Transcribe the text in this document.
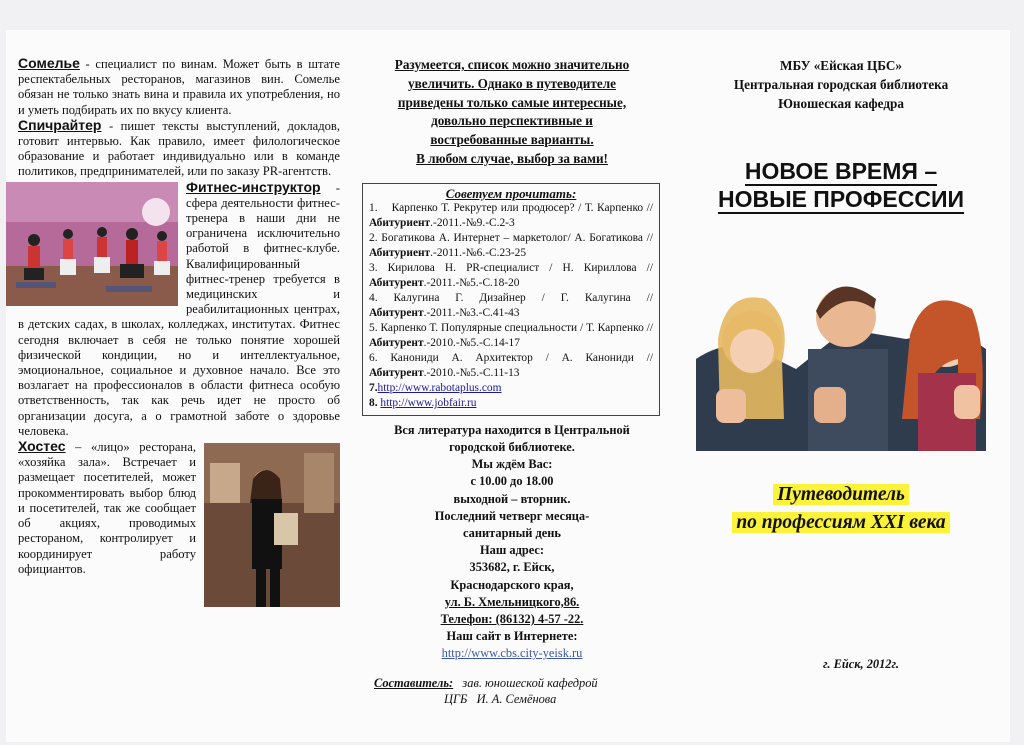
Сомелье - специалист по винам. Может быть в штате респектабельных ресторанов, магазинов вин. Сомелье обязан не только знать вина и правила их употребления, но и уметь подбирать их по вкусу клиента.

Спичрайтер - пишет тексты выступлений, докладов, готовит интервью. Как правило, имеет филологическое образование и работает индивидуально или в команде политиков, предпринимателей, или по заказу PR-агентств.

Фитнес-инструктор - сфера деятельности фитнес-тренера в наши дни не ограничена исключительно работой в фитнес-клубе. Квалифицированный фитнес-тренер требуется в медицинских и реабилитационных центрах, в детских садах, в школах, колледжах, институтах. Фитнес сегодня включает в себя не только понятие хорошей физической кондиции, но и интеллектуальное, эмоциональное, социальное и духовное начало. Все это возлагает на профессионалов в области фитнеса особую ответственность, так как речь идет не просто об организации досуга, а о грамотной заботе о здоровье человека.

Хостес – «лицо» ресторана, «хозяйка зала». Встречает и размещает посетителей, может прокомментировать выбор блюд и посетителей, так же сообщает об акциях, проводимых рестораном, контролирует и координирует работу официантов.

Разумеется, список можно значительно

увеличить. Однако в путеводителе

приведены только самые интересные,

довольно перспективные и

востребованные варианты.

В любом случае, выбор за вами!

Советуем прочитать:

1.    Карпенко Т. Рекрутер или продюсер? / Т. Карпенко // Абитуриент.-2011.-№9.-С.2-3

2. Богатикова А. Интернет – маркетолог/ А. Богатикова // Абитуриент.-2011.-№6.-С.23-25

3. Кирилова Н. PR-специалист / Н. Кириллова //Абитурент.-2011.-№5.-С.18-20

4. Калугина Г. Дизайнер / Г. Калугина // Абитурент.-2011.-№3.-С.41-43

5. Карпенко Т. Популярные специальности / Т. Карпенко // Абитурент.-2010.-№5.-С.14-17

6. Канониди А. Архитектор / А. Канониди // Абитурент.-2010.-№5.-С.11-13

7.http://www.rabotaplus.com

8. http://www.jobfair.ru

Вся литература находится в Центральной
городской библиотеке.
Мы ждём Вас:
с 10.00 до 18.00
выходной – вторник.
Последний четверг месяца-
санитарный день
Наш адрес:
353682, г. Ейск,
Краснодарского края,
ул. Б. Хмельницкого,86.
Телефон: (86132) 4-57 -22.
Наш сайт в Интернете:
http://www.cbs.city-yeisk.ru
Составитель: зав. юношеской кафедрой
ЦГБ И. А. Семёнова

МБУ «Ейская ЦБС»

Центральная городская библиотека

Юношеская кафедра

НОВОЕ ВРЕМЯ –
НОВЫЕ ПРОФЕССИИ
Путеводитель
по профессиям XXI века
г. Ейск, 2012г.
